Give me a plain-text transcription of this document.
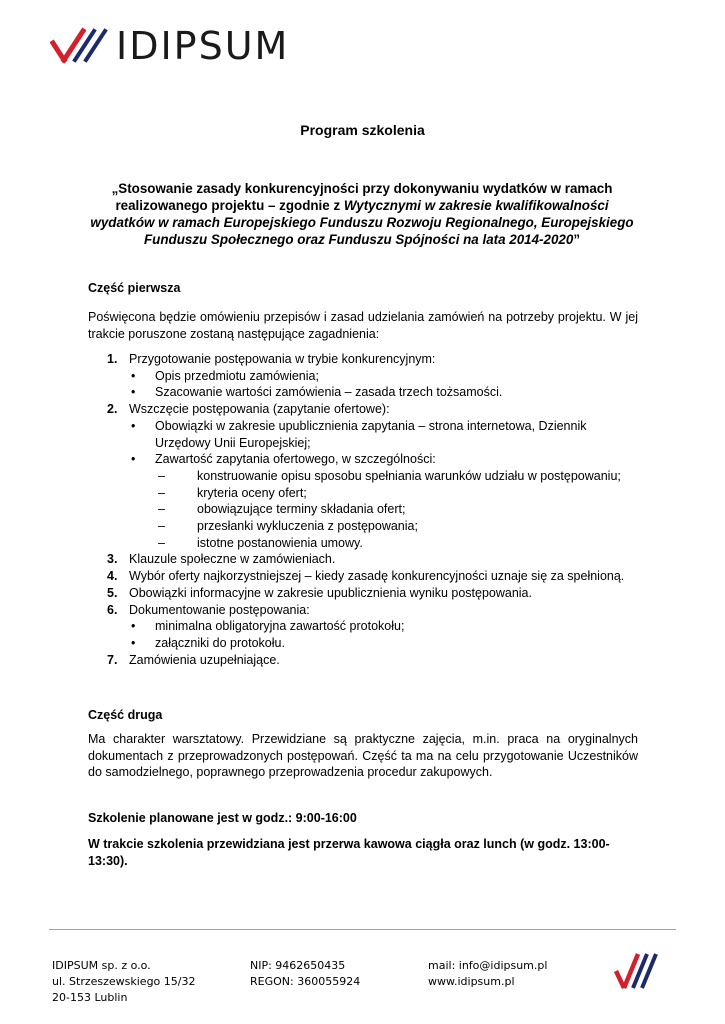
IDIPSUM
Program szkolenia
„Stosowanie zasady konkurencyjności przy dokonywaniu wydatków w ramach
realizowanego projektu – zgodnie z Wytycznymi w zakresie kwalifikowalności
wydatków w ramach Europejskiego Funduszu Rozwoju Regionalnego, Europejskiego
Funduszu Społecznego oraz Funduszu Spójności na lata 2014-2020”
Część pierwsza
Poświęcona będzie omówieniu przepisów i zasad udzielania zamówień na potrzeby projektu. W jej trakcie poruszone zostaną następujące zagadnienia:
1. Przygotowanie postępowania w trybie konkurencyjnym:
• Opis przedmiotu zamówienia;
• Szacowanie wartości zamówienia – zasada trzech tożsamości.
2. Wszczęcie postępowania (zapytanie ofertowe):
• Obowiązki w zakresie upublicznienia zapytania – strona internetowa, Dziennik Urzędowy Unii Europejskiej;
• Zawartość zapytania ofertowego, w szczególności:
–	konstruowanie opisu sposobu spełniania warunków udziału w postępowaniu;
–	kryteria oceny ofert;
–	obowiązujące terminy składania ofert;
–	przesłanki wykluczenia z postępowania;
–	istotne postanowienia umowy.
3. Klauzule społeczne w zamówieniach.
4. Wybór oferty najkorzystniejszej – kiedy zasadę konkurencyjności uznaje się za spełnioną.
5. Obowiązki informacyjne w zakresie upublicznienia wyniku postępowania.
6. Dokumentowanie postępowania:
• minimalna obligatoryjna zawartość protokołu;
• załączniki do protokołu.
7. Zamówienia uzupełniające.
Część druga
Ma charakter warsztatowy. Przewidziane są praktyczne zajęcia, m.in. praca na oryginalnych dokumentach z przeprowadzonych postępowań. Część ta ma na celu przygotowanie Uczestników do samodzielnego, poprawnego przeprowadzenia procedur zakupowych.
Szkolenie planowane jest w godz.: 9:00-16:00
W trakcie szkolenia przewidziana jest przerwa kawowa ciągła oraz lunch (w godz. 13:00-13:30).
IDIPSUM sp. z o.o.
ul. Strzeszewskiego 15/32
20-153 Lublin
NIP: 9462650435
REGON: 360055924
mail: info@idipsum.pl
www.idipsum.pl
